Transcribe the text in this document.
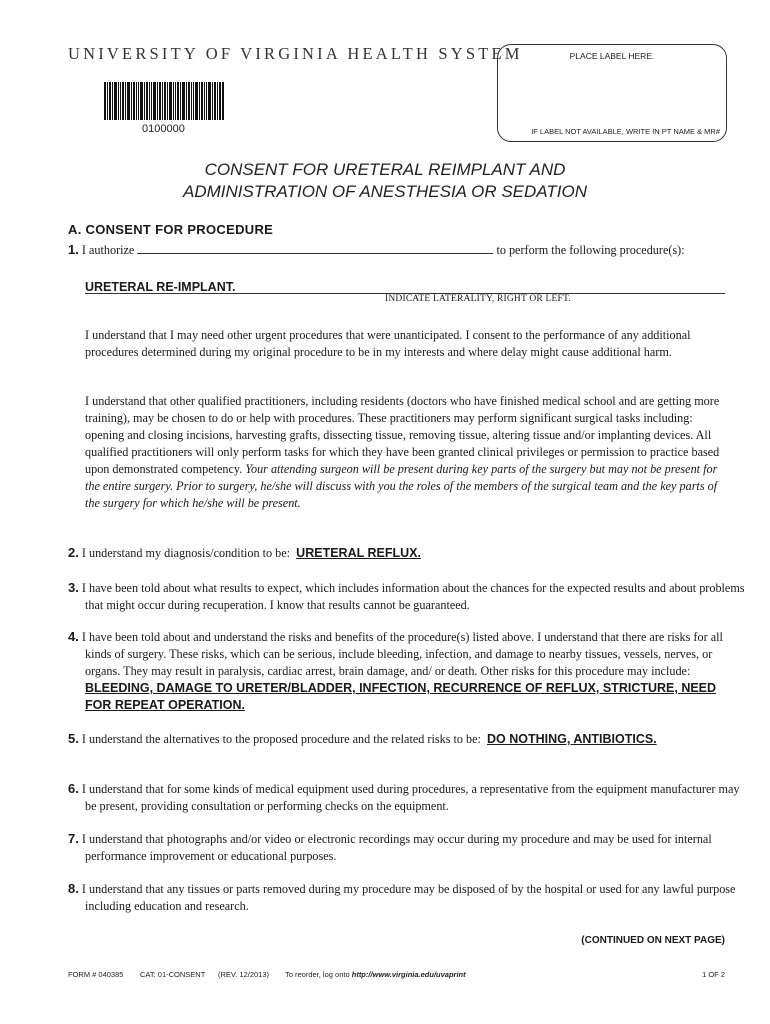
UNIVERSITY OF VIRGINIA HEALTH SYSTEM
0100000
PLACE LABEL HERE.
IF LABEL NOT AVAILABLE, WRITE IN PT NAME & MR#
CONSENT FOR URETERAL REIMPLANT AND
ADMINISTRATION OF ANESTHESIA OR SEDATION
A. CONSENT FOR PROCEDURE
1. I authorize	to perform the following procedure(s):
URETERAL RE-IMPLANT.
INDICATE LATERALITY, RIGHT OR LEFT.
I understand that I may need other urgent procedures that were unanticipated. I consent to the performance of any additional procedures determined during my original procedure to be in my interests and where delay might cause additional harm.
I understand that other qualified practitioners, including residents (doctors who have finished medical school and are getting more training), may be chosen to do or help with procedures. These practitioners may perform significant surgical tasks including: opening and closing incisions, harvesting grafts, dissecting tissue, removing tissue, altering tissue and/or implanting devices. All qualified practitioners will only perform tasks for which they have been granted clinical privileges or permission to practice based upon demonstrated competency. Your attending surgeon will be present during key parts of the surgery but may not be present for the entire surgery. Prior to surgery, he/she will discuss with you the roles of the members of the surgical team and the key parts of the surgery for which he/she will be present.
2. I understand my diagnosis/condition to be: URETERAL REFLUX.
3. I have been told about what results to expect, which includes information about the chances for the expected results and about problems that might occur during recuperation. I know that results cannot be guaranteed.
4. I have been told about and understand the risks and benefits of the procedure(s) listed above. I understand that there are risks for all kinds of surgery. These risks, which can be serious, include bleeding, infection, and damage to nearby tissues, vessels, nerves, or organs. They may result in paralysis, cardiac arrest, brain damage, and/ or death. Other risks for this procedure may include: BLEEDING, DAMAGE TO URETER/BLADDER, INFECTION, RECURRENCE OF REFLUX, STRICTURE, NEED FOR REPEAT OPERATION.
5. I understand the alternatives to the proposed procedure and the related risks to be: DO NOTHING, ANTIBIOTICS.
6. I understand that for some kinds of medical equipment used during procedures, a representative from the equipment manufacturer may be present, providing consultation or performing checks on the equipment.
7. I understand that photographs and/or video or electronic recordings may occur during my procedure and may be used for internal performance improvement or educational purposes.
8. I understand that any tissues or parts removed during my procedure may be disposed of by the hospital or used for any lawful purpose including education and research.
(CONTINUED ON NEXT PAGE)
FORM # 040385 CAT: 01-CONSENT (REV. 12/2013) To reorder, log onto http://www.virginia.edu/uvaprint	1 OF 2
